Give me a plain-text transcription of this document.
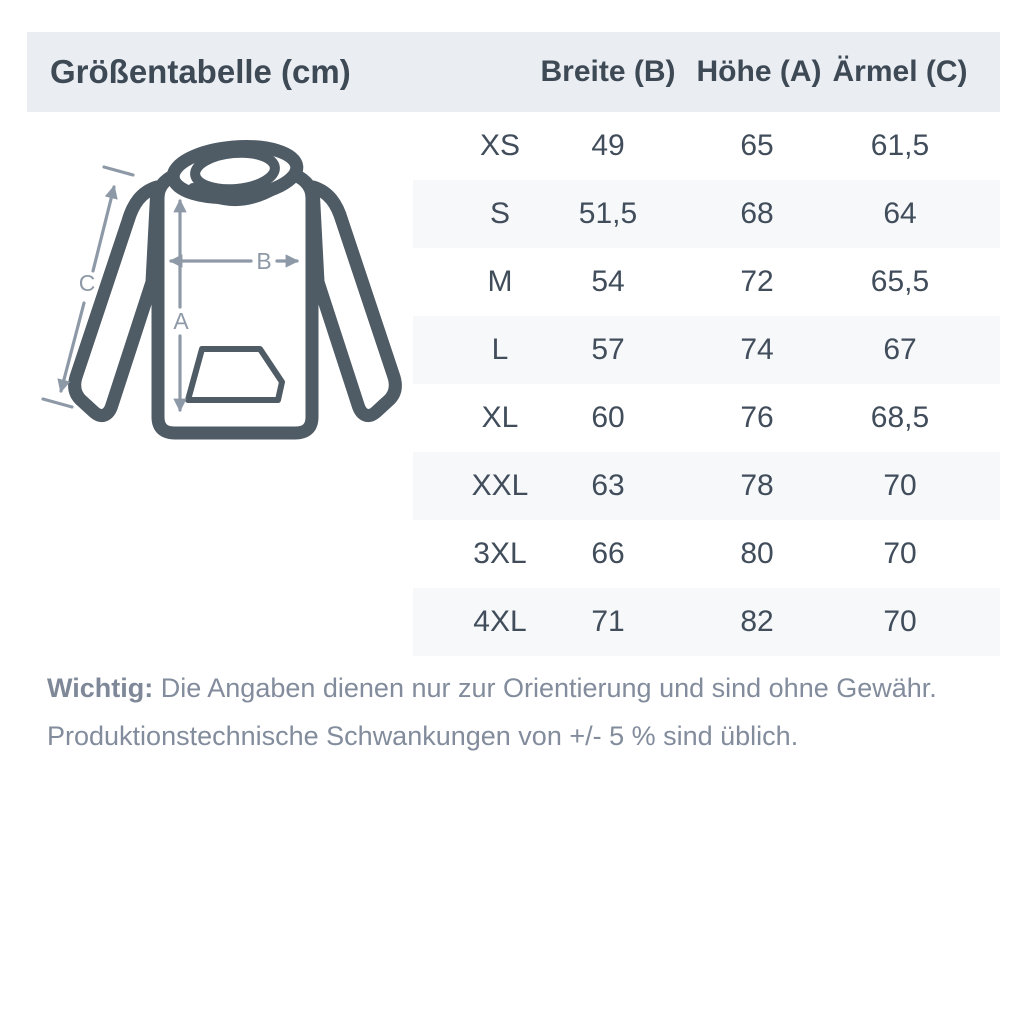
Größentabelle (cm)	Breite (B) Höhe (A) Ärmel (C)
A
B
C
XS 49	65	61,5
S 51,5	68	64
M	54	72	65,5
L	57	74	67
XL 60	76	68,5
XXL 63	78	70
3XL 66	80	70
4XL 71	82	70

Wichtig: Die Angaben dienen nur zur Orientierung und sind ohne Gewähr.
Produktionstechnische Schwankungen von +/- 5 % sind üblich.
